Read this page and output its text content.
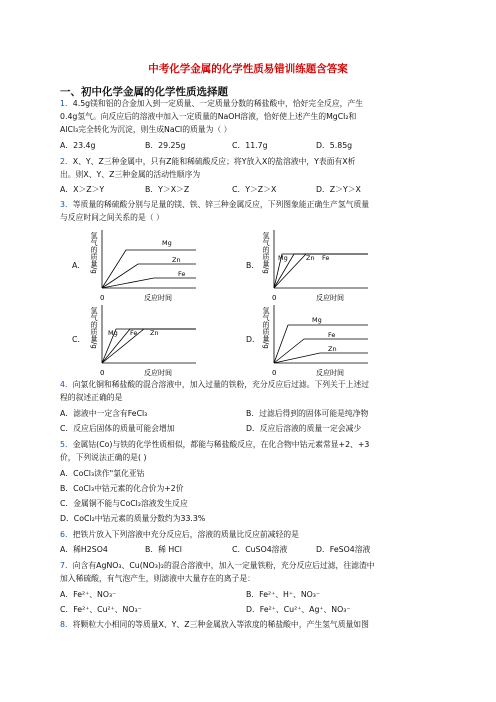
中考化学金属的化学性质易错训练题含答案
一、初中化学金属的化学性质选择题
1．4.5g镁和铝的合金加入到一定质量、一定质量分数的稀盐酸中，恰好完全反应，产生
0.4g氢气。向反应后的溶液中加入一定质量的NaOH溶液，恰好使上述产生的MgCl₂和
AlCl₃完全转化为沉淀，则生成NaCl的质量为（ ）
A．23.4g	B．29.25g	C．11.7g	D．5.85g
2．X、Y、Z三种金属中，只有Z能和稀硫酸反应；将Y放入X的盐溶液中，Y表面有X析
出。则X、Y、Z三种金属的活动性顺序为
A．X＞Z＞Y	B．Y＞X＞Z	C．Y＞Z＞X	D．Z＞Y＞X
3．等质量的稀硫酸分别与足量的镁、铁、锌三种金属反应，下列图象能正确生产氢气质量
与反应时间之间关系的是（ ）
A． 氢气的质量/g	Mg
Zn
Fe
0	反应时间
B． 氢气的质量/g Mg	Zn Fe
0	反应时间
C． 氢气的质量/g Mg Fe Zn
0	反应时间
D． 氢气的质量/g	Mg
Fe
Zn
0	反应时间
4．向氯化铜和稀盐酸的混合溶液中，加入过量的铁粉，充分反应后过滤。下列关于上述过
程的叙述正确的是
A．滤液中一定含有FeCl₃	B．过滤后得到的固体可能是纯净物
C．反应后固体的质量可能会增加	D．反应后溶液的质量一定会减少
5．金属钴(Co)与铁的化学性质相似，都能与稀盐酸反应，在化合物中钴元素常显+2、+3
价，下列说法正确的是( )
A．CoCl₃读作"氯化亚钴
B．CoCl₃中钴元素的化合价为+2价
C．金属铜不能与CoCl₂溶液发生反应
D．CoCl₂中钴元素的质量分数约为33.3%
6．把铁片放入下列溶液中充分反应后，溶液的质量比反应前减轻的是
A．稀H2SO4	B．稀 HCl	C．CuSO4溶液	D．FeSO4溶液
7．向含有AgNO₃、Cu(NO₃)₂的混合溶液中，加入一定量铁粉，充分反应后过滤，往滤渣中
加入稀硫酸，有气泡产生，则滤液中大量存在的离子是：
A．Fe²⁺、NO₃⁻	B．Fe²⁺、H⁺、NO₃⁻
C．Fe²⁺、Cu²⁺、NO₃⁻	D．Fe²⁺、Cu²⁺、Ag⁺、NO₃⁻
8．将颗粒大小相同的等质量X、Y、Z三种金属放入等浓度的稀盐酸中，产生氢气质量如图
